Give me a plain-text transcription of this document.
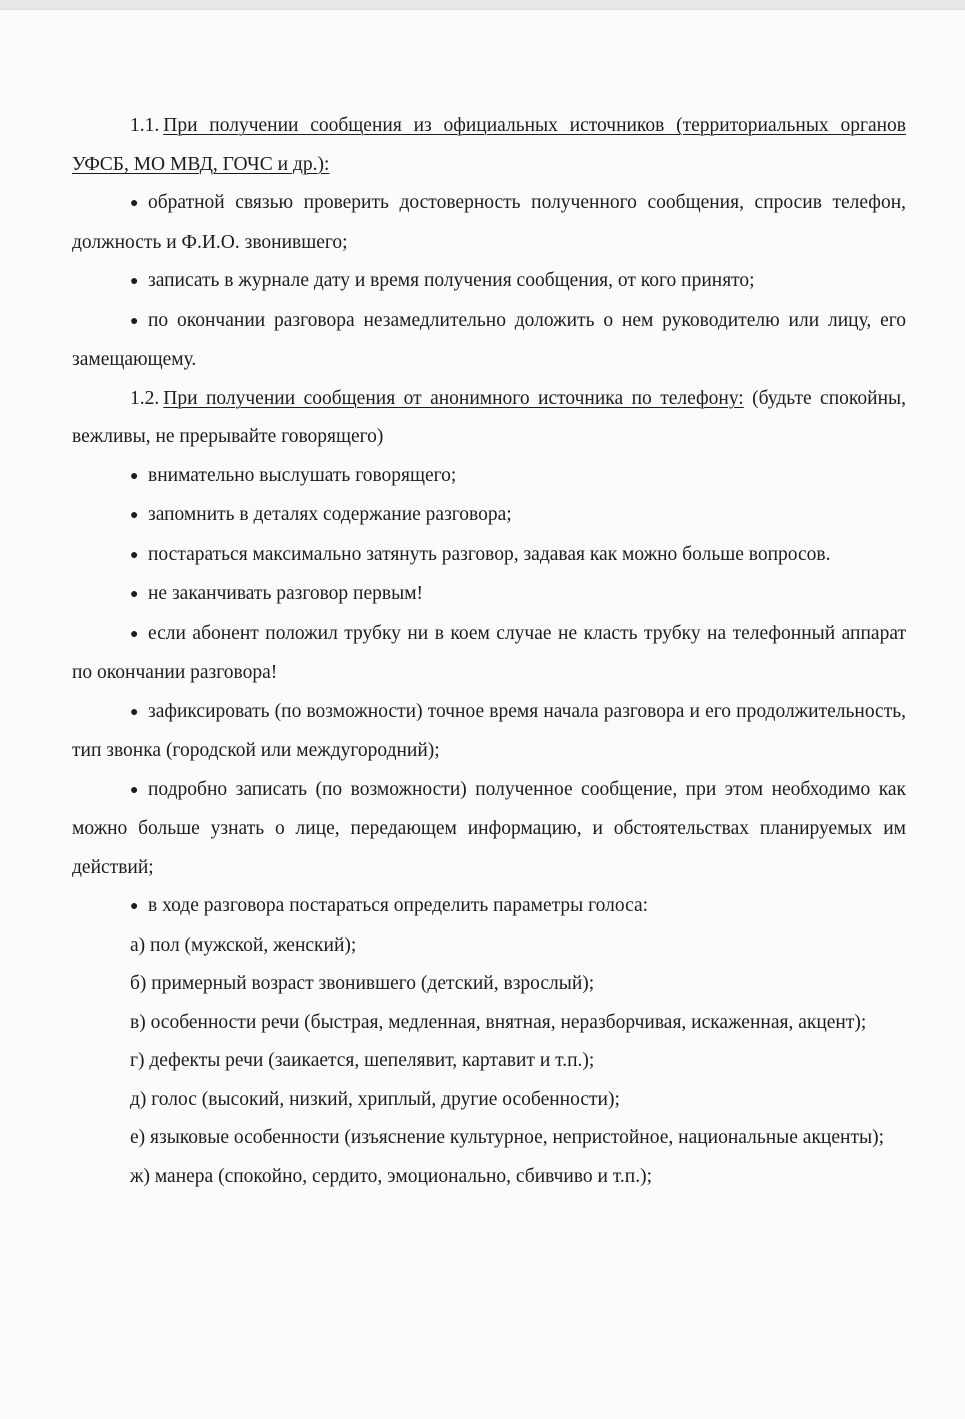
1.1. При получении сообщения из официальных источников (территориальных органов УФСБ, МО МВД, ГОЧС и др.):

● обратной связью проверить достоверность полученного сообщения, спросив телефон, должность и Ф.И.О. звонившего;

● записать в журнале дату и время получения сообщения, от кого принято;

● по окончании разговора незамедлительно доложить о нем руководителю или лицу, его замещающему.

1.2. При получении сообщения от анонимного источника по телефону: (будьте спокойны, вежливы, не прерывайте говорящего)

● внимательно выслушать говорящего;

● запомнить в деталях содержание разговора;

● постараться максимально затянуть разговор, задавая как можно больше вопросов.

● не заканчивать разговор первым!

● если абонент положил трубку ни в коем случае не класть трубку на телефонный аппарат по окончании разговора!

● зафиксировать (по возможности) точное время начала разговора и его продолжительность, тип звонка (городской или междугородний);

● подробно записать (по возможности) полученное сообщение, при этом необходимо как можно больше узнать о лице, передающем информацию, и обстоятельствах планируемых им действий;

● в ходе разговора постараться определить параметры голоса:

а) пол (мужской, женский);

б) примерный возраст звонившего (детский, взрослый);

в) особенности речи (быстрая, медленная, внятная, неразборчивая, искаженная, акцент);

г) дефекты речи (заикается, шепелявит, картавит и т.п.);

д) голос (высокий, низкий, хриплый, другие особенности);

е) языковые особенности (изъяснение культурное, непристойное, национальные акценты);

ж) манера (спокойно, сердито, эмоционально, сбивчиво и т.п.);
